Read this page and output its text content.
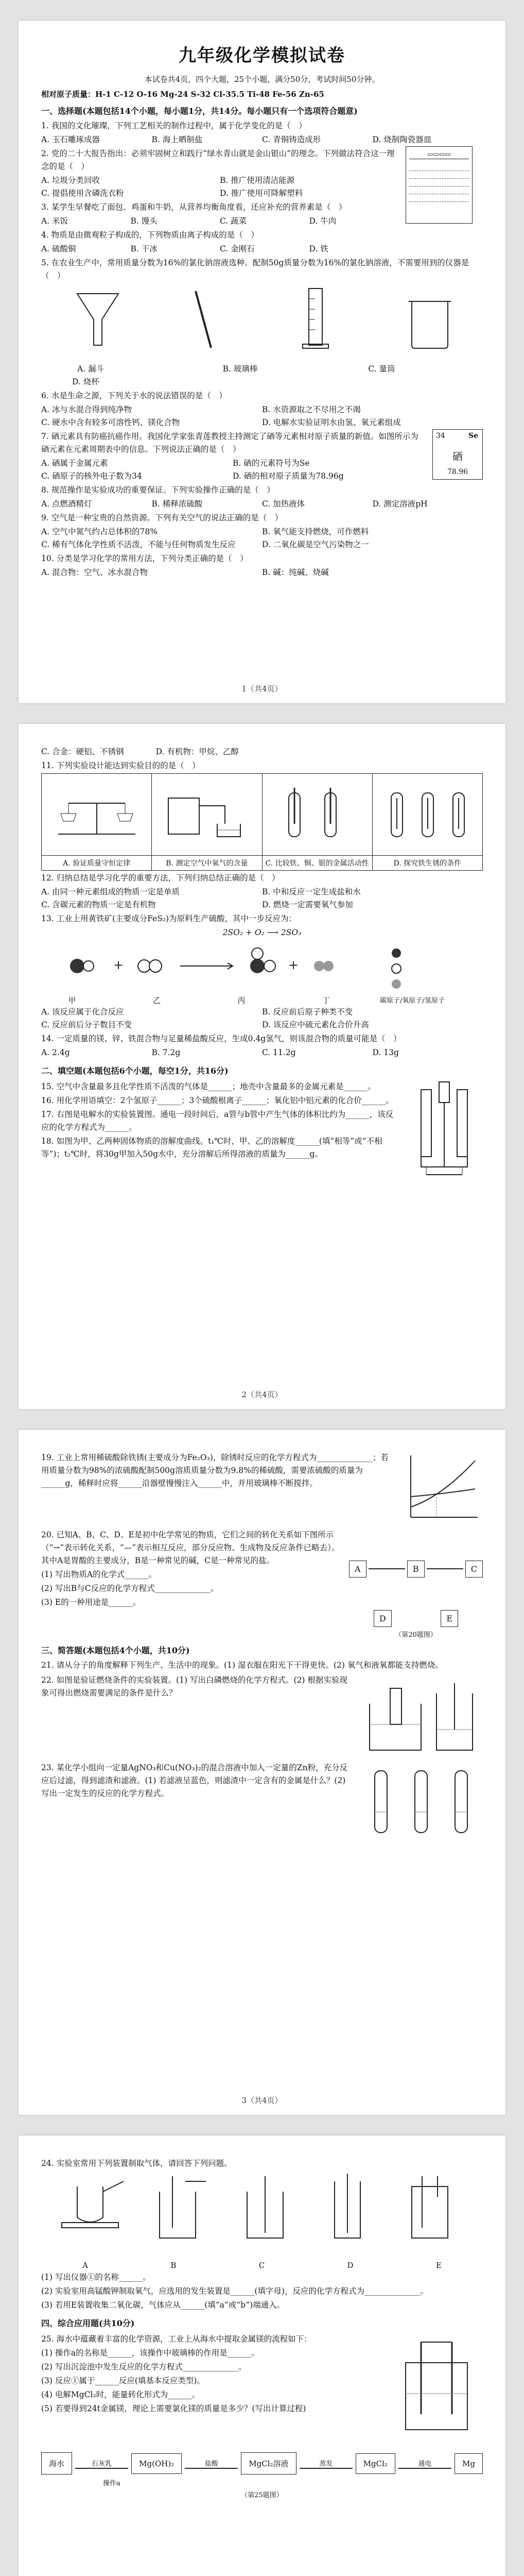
九年级化学模拟试卷
本试卷共4页，四个大题，25个小题，满分50分，考试时间50分钟。
相对原子质量：H-1 C-12 O-16 Mg-24 S-32 Cl-35.5 Ti-48 Fe-56 Zn-65
一、选择题(本题包括14个小题，每小题1分，共14分。每小题只有一个选项符合题意)
1. 我国的文化璀璨，下列工艺相关的制作过程中，属于化学变化的是（　）
A. 玉石雕琢成器	B. 海上晒制盐	C. 青铜铸造成形	D. 烧制陶瓷器皿
2. 党的二十大报告指出：必须牢固树立和践行“绿水青山就是金山银山”的理念。下列做法符合这一理念的是（　）
A. 垃圾分类回收	B. 推广使用清洁能源
C. 提倡使用含磷洗衣粉	D. 推广使用可降解塑料
3. 某学生早餐吃了面包、鸡蛋和牛奶，从营养均衡角度看，还应补充的营养素是（　）
A. 米饭	B. 馒头	C. 蔬菜	D. 牛肉
4. 物质是由微观粒子构成的，下列物质由离子构成的是（　）
A. 硫酸铜	B. 干冰	C. 金刚石	D. 铁
▭▭▭▭
5. 在农业生产中，常用质量分数为16%的氯化钠溶液选种。配制50g质量分数为16%的氯化钠溶液，不需要用到的仪器是（　）
A. 漏斗	B. 玻璃棒	C. 量筒
D. 烧杯
6. 水是生命之源，下列关于水的说法错误的是（　）
A. 冰与水混合得到纯净物	B. 水资源取之不尽用之不竭
C. 硬水中含有较多可溶性钙、镁化合物	D. 电解水实验证明水由氢、氧元素组成
7. 硒元素具有防癌抗癌作用。我国化学家张青莲教授主持测定了硒等元素相对原子质量的新值。如图所示为硒元素在元素周期表中的信息。下列说法正确的是（　）
A. 硒属于金属元素	B. 硒的元素符号为Se
C. 硒原子的核外电子数为34	D. 硒的相对原子质量为78.96g
34	Se
硒
78.96
8. 规范操作是实验成功的重要保证。下列实验操作正确的是（　）
A. 点燃酒精灯	B. 稀释浓硫酸	C. 加热液体	D. 测定溶液pH
9. 空气是一种宝贵的自然资源。下列有关空气的说法正确的是（　）
A. 空气中氮气约占总体积的78%	B. 氧气能支持燃烧，可作燃料
C. 稀有气体化学性质不活泼，不能与任何物质发生反应	D. 二氧化碳是空气污染物之一
10. 分类是学习化学的常用方法，下列分类正确的是（　）
A. 混合物：空气、冰水混合物	B. 碱：纯碱、烧碱
1（共4页）
C. 合金：硬铝、不锈钢　　　　D. 有机物：甲烷、乙醇
11. 下列实验设计能达到实验目的的是（　）

A. 验证质量守恒定律	B. 测定空气中氧气的含量	C. 比较铁、铜、银的金属活动性	D. 探究铁生锈的条件
12. 归纳总结是学习化学的重要方法，下列归纳总结正确的是（　）
A. 由同一种元素组成的物质一定是单质	B. 中和反应一定生成盐和水
C. 含碳元素的物质一定是有机物	D. 燃烧一定需要氧气参加
13. 工业上用黄铁矿(主要成分FeS₂)为原料生产硫酸，其中一步反应为：
2SO₂ + O₂ ⟶ 2SO₃
+	+
甲	乙	丙	丁	碳原子/氧原子/氢原子
A. 该反应属于化合反应	B. 反应前后原子种类不变
C. 反应前后分子数目不变	D. 该反应中硫元素化合价升高
14. 一定质量的镁、锌、铁混合物与足量稀盐酸反应，生成0.4g氢气，则该混合物的质量可能是（　）
A. 2.4g	B. 7.2g	C. 11.2g	D. 13g
二、填空题(本题包括6个小题，每空1分，共16分)
15. 空气中含量最多且化学性质不活泼的气体是______；地壳中含量最多的金属元素是______。
16. 用化学用语填空：2个氢原子______；3个硫酸根离子______；氧化铝中铝元素的化合价______。
17. 右图是电解水的实验装置图。通电一段时间后，a管与b管中产生气体的体积比约为______，该反应的化学方程式为______。
18. 如图为甲、乙两种固体物质的溶解度曲线。t₁℃时，甲、乙的溶解度______(填“相等”或“不相等”)；t₂℃时，将30g甲加入50g水中，充分溶解后所得溶液的质量为______g。
2（共4页）
19. 工业上常用稀硫酸除铁锈(主要成分为Fe₂O₃)，除锈时反应的化学方程式为______________；若用质量分数为98%的浓硫酸配制500g溶质质量分数为9.8%的稀硫酸，需要浓硫酸的质量为______g，稀释时应将______沿器壁慢慢注入______中，并用玻璃棒不断搅拌。
20. 已知A、B、C、D、E是初中化学常见的物质，它们之间的转化关系如下图所示（“→”表示转化关系，“—”表示相互反应，部分反应物、生成物及反应条件已略去）。其中A是胃酸的主要成分，B是一种常见的碱，C是一种常见的盐。
(1) 写出物质A的化学式______。
(2) 写出B与C反应的化学方程式______________。
(3) E的一种用途是______。
A	B	C
D	E
（第20题图）
三、简答题(本题包括4个小题，共10分)
21. 请从分子的角度解释下列生产、生活中的现象。(1) 湿衣服在阳光下干得更快。(2) 氧气和液氧都能支持燃烧。
22. 如图是验证燃烧条件的实验装置。(1) 写出白磷燃烧的化学方程式。(2) 根据实验现象可得出燃烧需要满足的条件是什么？
23. 某化学小组向一定量AgNO₃和Cu(NO₃)₂的混合溶液中加入一定量的Zn粉，充分反应后过滤，得到滤渣和滤液。(1) 若滤液呈蓝色，则滤渣中一定含有的金属是什么？(2) 写出一定发生的反应的化学方程式。
3（共4页）
24. 实验室常用下列装置制取气体，请回答下列问题。
A	B	C	D	E
(1) 写出仪器①的名称______。
(2) 实验室用高锰酸钾制取氧气，应选用的发生装置是______(填字母)，反应的化学方程式为______________。
(3) 若用E装置收集二氧化碳，气体应从______(填“a”或“b”)端通入。
四、综合应用题(共10分)
25. 海水中蕴藏着丰富的化学资源，工业上从海水中提取金属镁的流程如下：
(1) 操作a的名称是______，该操作中玻璃棒的作用是______。
(2) 写出沉淀池中发生反应的化学方程式______________。
(3) 反应①属于______反应(填基本反应类型)。
(4) 电解MgCl₂时，能量转化形式为______。
(5) 若要得到24t金属镁，理论上需要氯化镁的质量是多少？(写出计算过程)
海水	石灰乳	Mg(OH)₂	盐酸	MgCl₂溶液	蒸发	MgCl₂	通电	Mg
操作a
（第25题图）
